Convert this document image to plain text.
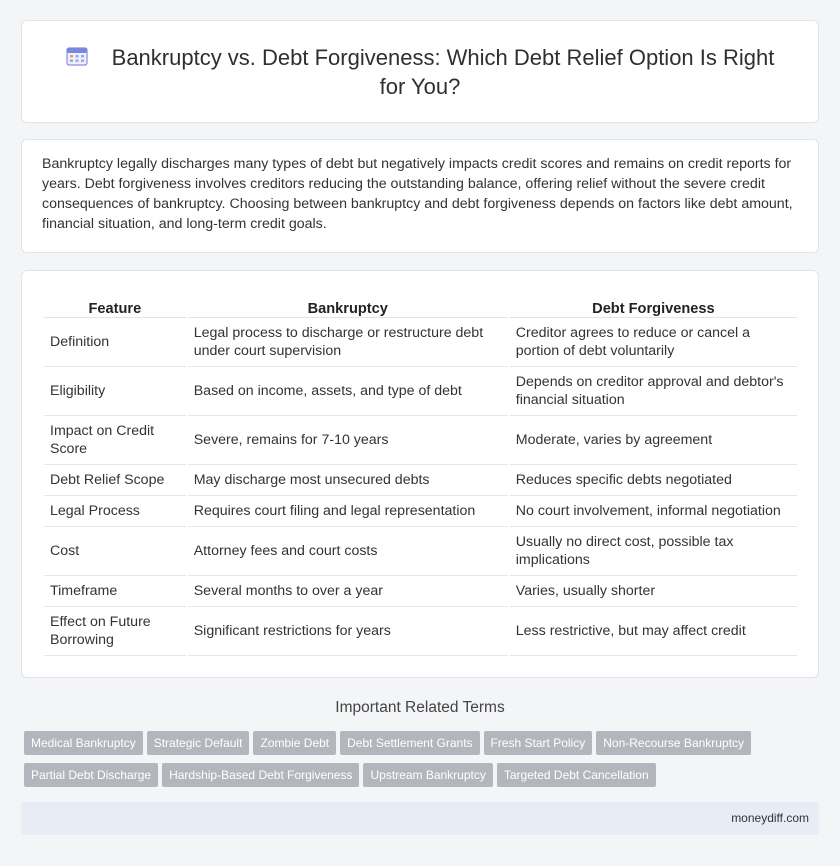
Bankruptcy vs. Debt Forgiveness: Which Debt Relief Option Is Right for You?

Bankruptcy legally discharges many types of debt but negatively impacts credit scores and remains on credit reports for years. Debt forgiveness involves creditors reducing the outstanding balance, offering relief without the severe credit consequences of bankruptcy. Choosing between bankruptcy and debt forgiveness depends on factors like debt amount, financial situation, and long-term credit goals.

Feature	Bankruptcy	Debt Forgiveness
Definition	Legal process to discharge or restructure debt under court supervision	Creditor agrees to reduce or cancel a portion of debt voluntarily
Eligibility	Based on income, assets, and type of debt	Depends on creditor approval and debtor's financial situation
Impact on Credit Score	Severe, remains for 7-10 years	Moderate, varies by agreement
Debt Relief Scope	May discharge most unsecured debts	Reduces specific debts negotiated
Legal Process	Requires court filing and legal representation	No court involvement, informal negotiation
Cost	Attorney fees and court costs	Usually no direct cost, possible tax implications
Timeframe	Several months to over a year	Varies, usually shorter
Effect on Future Borrowing	Significant restrictions for years	Less restrictive, but may affect credit
Important Related Terms
Medical Bankruptcy Strategic Default Zombie Debt Debt Settlement Grants Fresh Start Policy Non-Recourse Bankruptcy
Partial Debt Discharge Hardship-Based Debt Forgiveness Upstream Bankruptcy Targeted Debt Cancellation
moneydiff.com
